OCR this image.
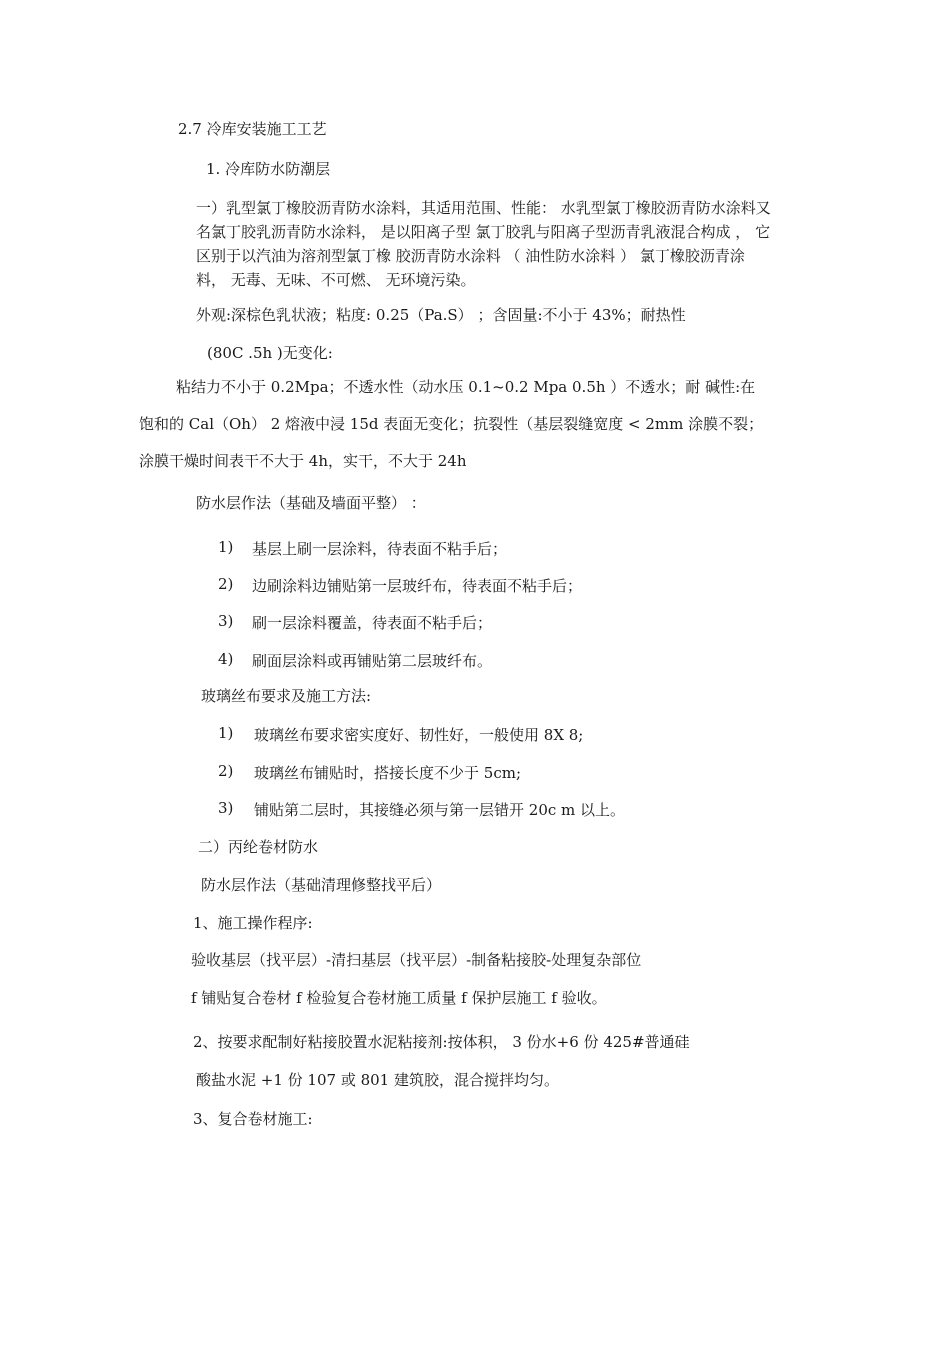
2.7 冷库安装施工工艺
1. 冷库防水防潮层
一）乳型氯丁橡胶沥青防水涂料，其适用范围、性能： 水乳型氯丁橡胶沥青防水涂料又
名氯丁胶乳沥青防水涂料， 是以阳离子型 氯丁胶乳与阳离子型沥青乳液混合构成 ， 它
区别于以汽油为溶剂型氯丁橡 胶沥青防水涂料 （ 油性防水涂料 ） 氯丁橡胶沥青涂
料， 无毒、无味、不可燃、 无环境污染。
外观:深棕色乳状液；粘度: 0.25（Pa.S） ；含固量:不小于 43%；耐热性
(80C .5h )无变化:
粘结力不小于 0.2Mpa；不透水性（动水压 0.1~0.2 Mpa 0.5h ）不透水；耐 碱性:在
饱和的 Cal（Oh） 2 熔液中浸 15d 表面无变化；抗裂性（基层裂缝宽度 < 2mm 涂膜不裂；
涂膜干燥时间表干不大于 4h，实干，不大于 24h
防水层作法（基础及墙面平整） ：
1) 基层上刷一层涂料，待表面不粘手后；
2) 边刷涂料边铺贴第一层玻纤布，待表面不粘手后；
3) 刷一层涂料覆盖，待表面不粘手后；
4) 刷面层涂料或再铺贴第二层玻纤布。
玻璃丝布要求及施工方法:
1) 玻璃丝布要求密实度好、韧性好，一般使用 8X 8;
2) 玻璃丝布铺贴时，搭接长度不少于 5cm;
3) 铺贴第二层时，其接缝必须与第一层错开 20c m 以上。
二）丙纶卷材防水
防水层作法（基础清理修整找平后）
1、施工操作程序:
验收基层（找平层）-清扫基层（找平层）-制备粘接胶-处理复杂部位
f 铺贴复合卷材 f 检验复合卷材施工质量 f 保护层施工 f 验收。
2、按要求配制好粘接胶置水泥粘接剂:按体积， 3 份水+6 份 425#普通硅
酸盐水泥 +1 份 107 或 801 建筑胶，混合搅拌均匀。
3、复合卷材施工:
